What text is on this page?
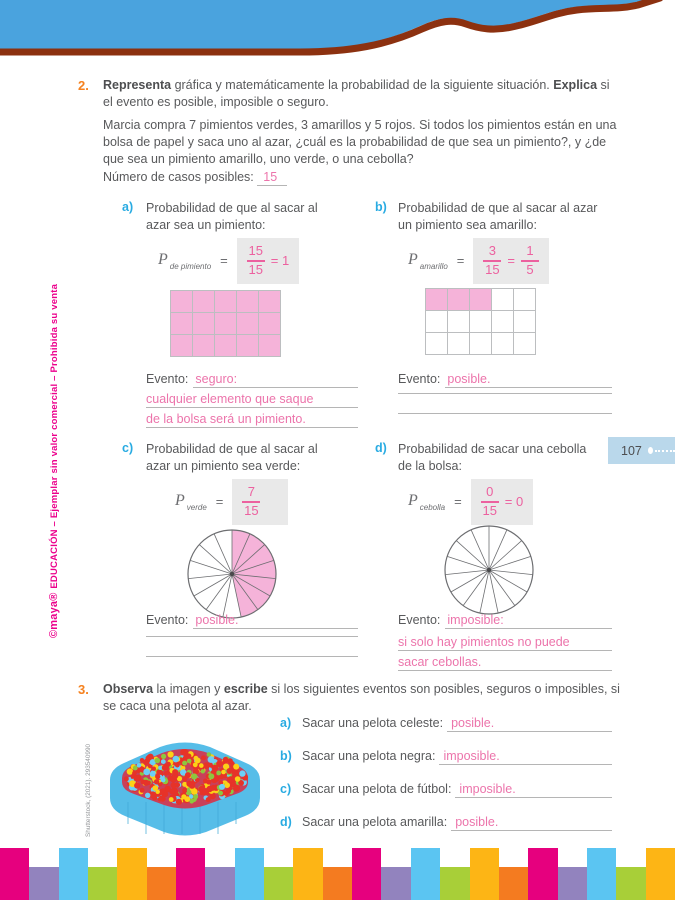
©maya® EDUCACIÓN – Ejemplar sin valor comercial – Prohibida su venta	107
2. Representa gráfica y matemáticamente la probabilidad de la siguiente situación. Explica si el evento es posible, imposible o seguro.
Marcia compra 7 pimientos verdes, 3 amarillos y 5 rojos. Si todos los pimientos están en una bolsa de papel y saca uno al azar, ¿cuál es la probabilidad de que sea un pimiento?, y ¿de que sea un pimiento amarillo, uno verde, o una cebolla?
Número de casos posibles: 15
a) Probabilidad de que al sacar al azar sea un pimiento:
P $_{de pimiento} = \frac{15}{15} = 1$
Evento: seguro:
cualquier elemento que saque
de la bolsa será un pimiento.
b) Probabilidad de que al sacar al azar un pimiento sea amarillo:
P $_{amarillo} = \frac{3}{15} = \frac{1}{5}$
Evento: posible.
c) Probabilidad de que al sacar al azar un pimiento sea verde:
P $_{verde} = \frac{7}{15}$
Evento: posible.
d) Probabilidad de sacar una cebolla de la bolsa:
P $_{cebolla} = \frac{0}{15} = 0$
Evento: imposible:
si solo hay pimientos no puede
sacar cebollas.
3. Observa la imagen y escribe si los siguientes eventos son posibles, seguros o imposibles, si se caca una pelota al azar.
Shutterstock, (2021). 293540990
a) Sacar una pelota celeste: posible.
b) Sacar una pelota negra: imposible.
c) Sacar una pelota de fútbol: imposible.
d) Sacar una pelota amarilla: posible.
